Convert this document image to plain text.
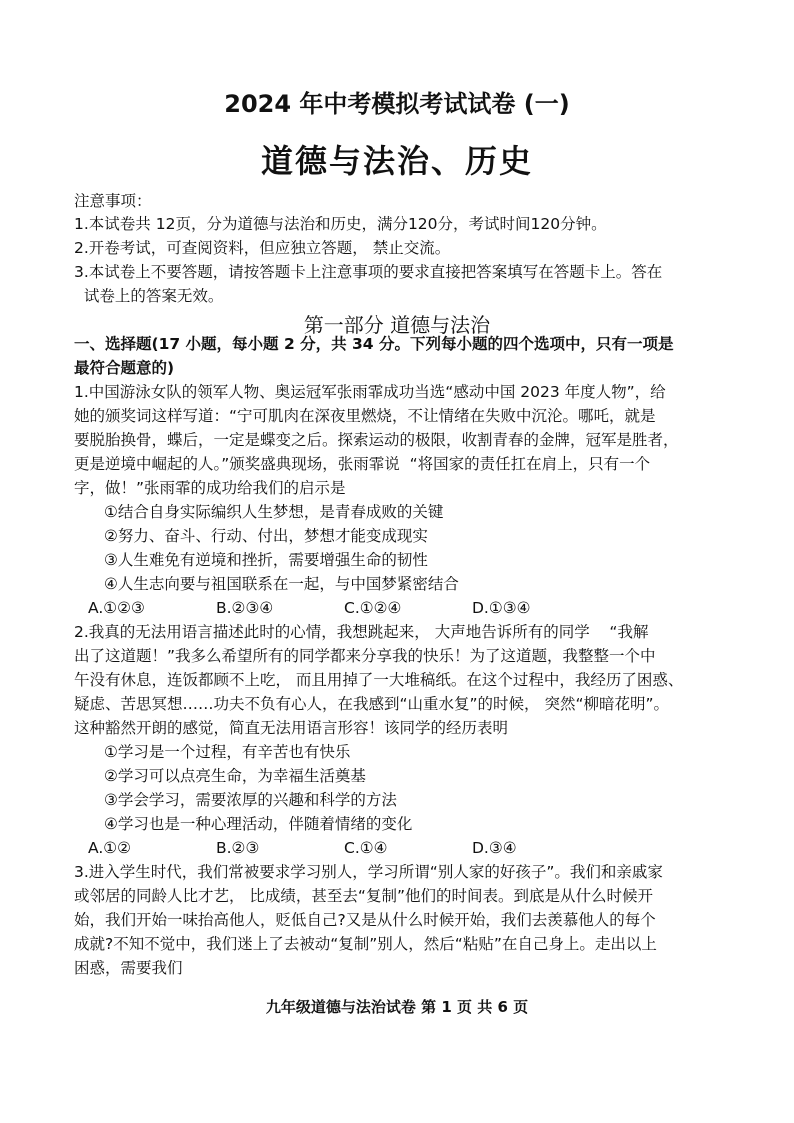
2024 年中考模拟考试试卷 (一)
道德与法治、历史
注意事项：
1.本试卷共 12页，分为道德与法治和历史，满分120分，考试时间120分钟。
2.开卷考试，可查阅资料，但应独立答题， 禁止交流。
3.本试卷上不要答题，请按答题卡上注意事项的要求直接把答案填写在答题卡上。答在
试卷上的答案无效。
第一部分 道德与法治
一、选择题(17 小题，每小题 2 分，共 34 分。下列每小题的四个选项中，只有一项是
最符合题意的)
1.中国游泳女队的领军人物、奥运冠军张雨霏成功当选“感动中国 2023 年度人物”，给
她的颁奖词这样写道：“宁可肌肉在深夜里燃烧，不让情绪在失败中沉沦。哪吒，就是
要脱胎换骨，蝶后，一定是蝶变之后。探索运动的极限，收割青春的金牌，冠军是胜者，
更是逆境中崛起的人。”颁奖盛典现场，张雨霏说  “将国家的责任扛在肩上，只有一个
字，做！”张雨霏的成功给我们的启示是
①结合自身实际编织人生梦想，是青春成败的关键
②努力、奋斗、行动、付出，梦想才能变成现实
③人生难免有逆境和挫折，需要增强生命的韧性
④人生志向要与祖国联系在一起，与中国梦紧密结合
A.①②③	B.②③④	C.①②④	D.①③④
2.我真的无法用语言描述此时的心情，我想跳起来， 大声地告诉所有的同学    “我解
出了这道题！”我多么希望所有的同学都来分享我的快乐！为了这道题，我整整一个中
午没有休息，连饭都顾不上吃， 而且用掉了一大堆稿纸。在这个过程中，我经历了困惑、
疑虑、苦思冥想……功夫不负有心人，在我感到“山重水复”的时候， 突然“柳暗花明”。
这种豁然开朗的感觉，简直无法用语言形容！该同学的经历表明
①学习是一个过程，有辛苦也有快乐
②学习可以点亮生命，为幸福生活奠基
③学会学习，需要浓厚的兴趣和科学的方法
④学习也是一种心理活动，伴随着情绪的变化
A.①②	B.②③	C.①④	D.③④
3.进入学生时代，我们常被要求学习别人，学习所谓“别人家的好孩子”。我们和亲戚家
或邻居的同龄人比才艺， 比成绩，甚至去“复制”他们的时间表。到底是从什么时候开
始，我们开始一味抬高他人，贬低自己?又是从什么时候开始，我们去羡慕他人的每个
成就?不知不觉中，我们迷上了去被动“复制”别人，然后“粘贴”在自己身上。走出以上
困惑，需要我们
九年级道德与法治试卷 第 1 页 共 6 页
